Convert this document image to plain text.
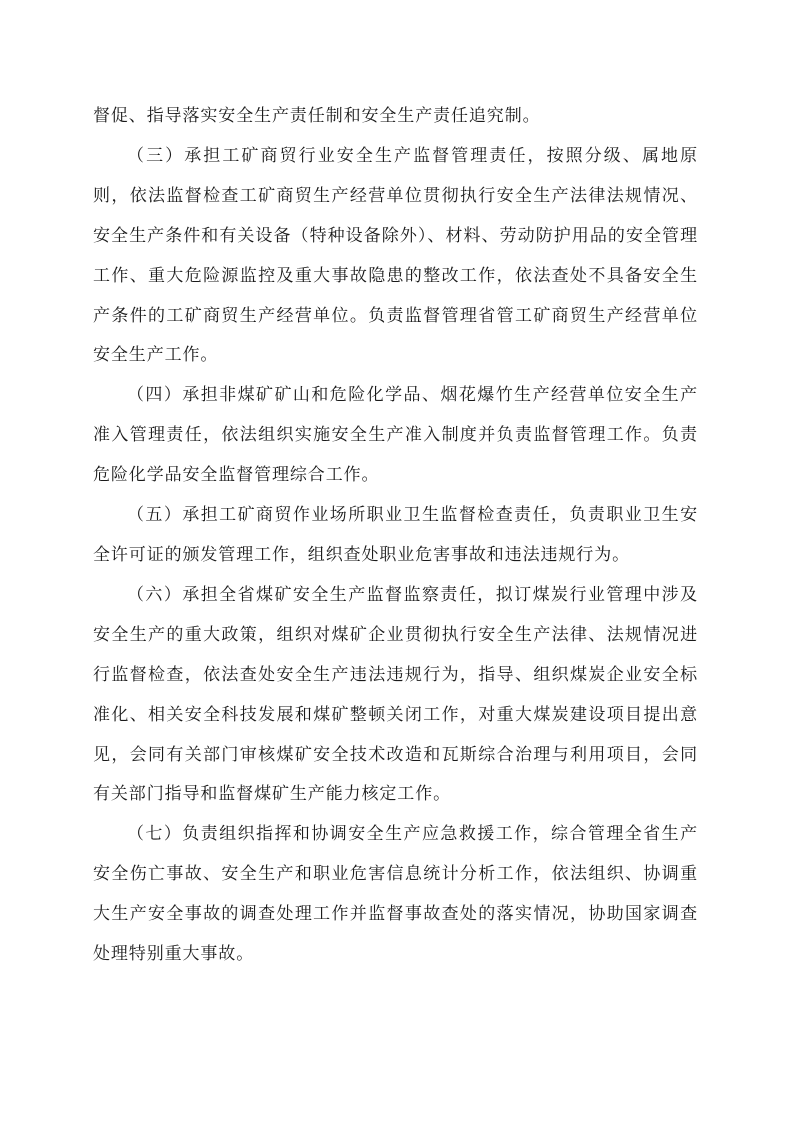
督促、指导落实安全生产责任制和安全生产责任追究制。

（三）承担工矿商贸行业安全生产监督管理责任，按照分级、属地原则，依法监督检查工矿商贸生产经营单位贯彻执行安全生产法律法规情况、安全生产条件和有关设备（特种设备除外）、材料、劳动防护用品的安全管理工作、重大危险源监控及重大事故隐患的整改工作，依法查处不具备安全生产条件的工矿商贸生产经营单位。负责监督管理省管工矿商贸生产经营单位安全生产工作。

（四）承担非煤矿矿山和危险化学品、烟花爆竹生产经营单位安全生产准入管理责任，依法组织实施安全生产准入制度并负责监督管理工作。负责危险化学品安全监督管理综合工作。

（五）承担工矿商贸作业场所职业卫生监督检查责任，负责职业卫生安全许可证的颁发管理工作，组织查处职业危害事故和违法违规行为。

（六）承担全省煤矿安全生产监督监察责任，拟订煤炭行业管理中涉及安全生产的重大政策，组织对煤矿企业贯彻执行安全生产法律、法规情况进行监督检查，依法查处安全生产违法违规行为，指导、组织煤炭企业安全标准化、相关安全科技发展和煤矿整顿关闭工作，对重大煤炭建设项目提出意见，会同有关部门审核煤矿安全技术改造和瓦斯综合治理与利用项目，会同有关部门指导和监督煤矿生产能力核定工作。

（七）负责组织指挥和协调安全生产应急救援工作，综合管理全省生产安全伤亡事故、安全生产和职业危害信息统计分析工作，依法组织、协调重大生产安全事故的调查处理工作并监督事故查处的落实情况，协助国家调查处理特别重大事故。
